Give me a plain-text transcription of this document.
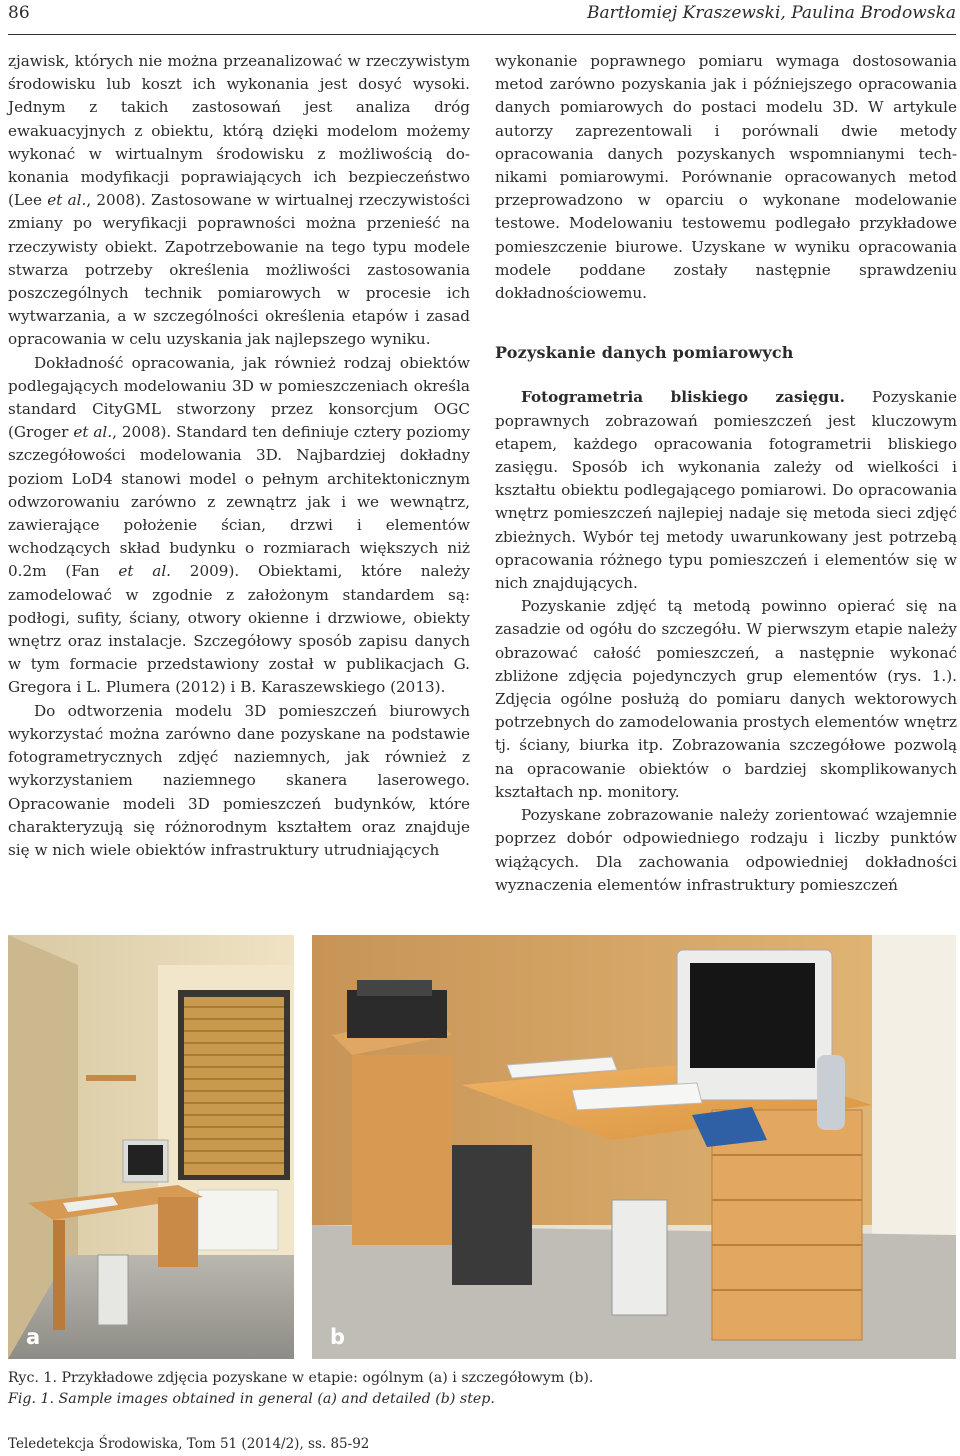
86	Bartłomiej Kraszewski, Paulina Brodowska

zjawisk, których nie można przeanalizować w rzeczywistym środowisku lub koszt ich wykonania jest dosyć wysoki. Jednym z takich zastosowań jest analiza dróg ewakuacyjnych z obiektu, którą dzięki modelom możemy wykonać w wirtualnym środowisku z możliwością dokonania modyfikacji poprawiających ich bezpieczeństwo (Lee et al., 2008). Zastosowane w wirtualnej rzeczywistości zmiany po weryfikacji poprawności można przenieść na rzeczywisty obiekt. Zapotrzebowanie na tego typu modele stwarza potrzeby określenia możliwości zastosowania poszczególnych technik pomiarowych w procesie ich wytwarzania, a w szczególności określenia etapów i zasad opracowania w celu uzyskania jak najlepszego wyniku.

Dokładność opracowania, jak również rodzaj obiektów podlegających modelowaniu 3D w pomieszczeniach określa standard CityGML stworzony przez konsorcjum OGC (Groger et al., 2008). Standard ten definiuje cztery poziomy szczegółowości modelowania 3D. Najbardziej dokładny poziom LoD4 stanowi model o pełnym architektonicznym odwzorowaniu zarówno z zewnątrz jak i we wewnątrz, zawierające położenie ścian, drzwi i elementów wchodzących skład budynku o rozmiarach większych niż 0.2m (Fan et al. 2009). Obiektami, które należy zamodelować w zgodnie z założonym standardem są: podłogi, sufity, ściany, otwory okienne i drzwiowe, obiekty wnętrz oraz instalacje. Szczegółowy sposób zapisu danych w tym formacie przedstawiony został w publikacjach G. Gregora i L. Plumera (2012) i B. Karaszewskiego (2013).

Do odtworzenia modelu 3D pomieszczeń biurowych wykorzystać można zarówno dane pozyskane na podstawie fotogrametrycznych zdjęć naziemnych, jak również z wykorzystaniem naziemnego skanera laserowego. Opracowanie modeli 3D pomieszczeń budynków, które charakteryzują się różnorodnym kształtem oraz znajduje się w nich wiele obiektów infrastruktury utrudniających

wykonanie poprawnego pomiaru wymaga dostosowania metod zarówno pozyskania jak i późniejszego opracowania danych pomiarowych do postaci modelu 3D. W artykule autorzy zaprezentowali i porównali dwie metody opracowania danych pozyskanych wspomnianymi technikami pomiarowymi. Porównanie opracowanych metod przeprowadzono w oparciu o wykonane modelowanie testowe. Modelowaniu testowemu podlegało przykładowe pomieszczenie biurowe. Uzyskane w wyniku opracowania modele poddane zostały następnie sprawdzeniu dokładnościowemu.

Pozyskanie danych pomiarowych

Fotogrametria bliskiego zasięgu. Pozyskanie poprawnych zobrazowań pomieszczeń jest kluczowym etapem, każdego opracowania fotogrametrii bliskiego zasięgu. Sposób ich wykonania zależy od wielkości i kształtu obiektu podlegającego pomiarowi. Do opracowania wnętrz pomieszczeń najlepiej nadaje się metoda sieci zdjęć zbieżnych. Wybór tej metody uwarunkowany jest potrzebą opracowania różnego typu pomieszczeń i elementów się w nich znajdujących.

Pozyskanie zdjęć tą metodą powinno opierać się na zasadzie od ogółu do szczegółu. W pierwszym etapie należy obrazować całość pomieszczeń, a następnie wykonać zbliżone zdjęcia pojedynczych grup elementów (rys. 1.). Zdjęcia ogólne posłużą do pomiaru danych wektorowych potrzebnych do zamodelowania prostych elementów wnętrz tj. ściany, biurka itp. Zobrazowania szczegółowe pozwolą na opracowanie obiektów o bardziej skomplikowanych kształtach np. monitory.

Pozyskane zobrazowanie należy zorientować wzajemnie poprzez dobór odpowiedniego rodzaju i liczby punktów wiążących. Dla zachowania odpowiedniej dokładności wyznaczenia elementów infrastruktury pomieszczeń

a	b
Ryc. 1. Przykładowe zdjęcia pozyskane w etapie: ogólnym (a) i szczegółowym (b).
Fig. 1. Sample images obtained in general (a) and detailed (b) step.
Teledetekcja Środowiska, Tom 51 (2014/2), ss. 85-92
